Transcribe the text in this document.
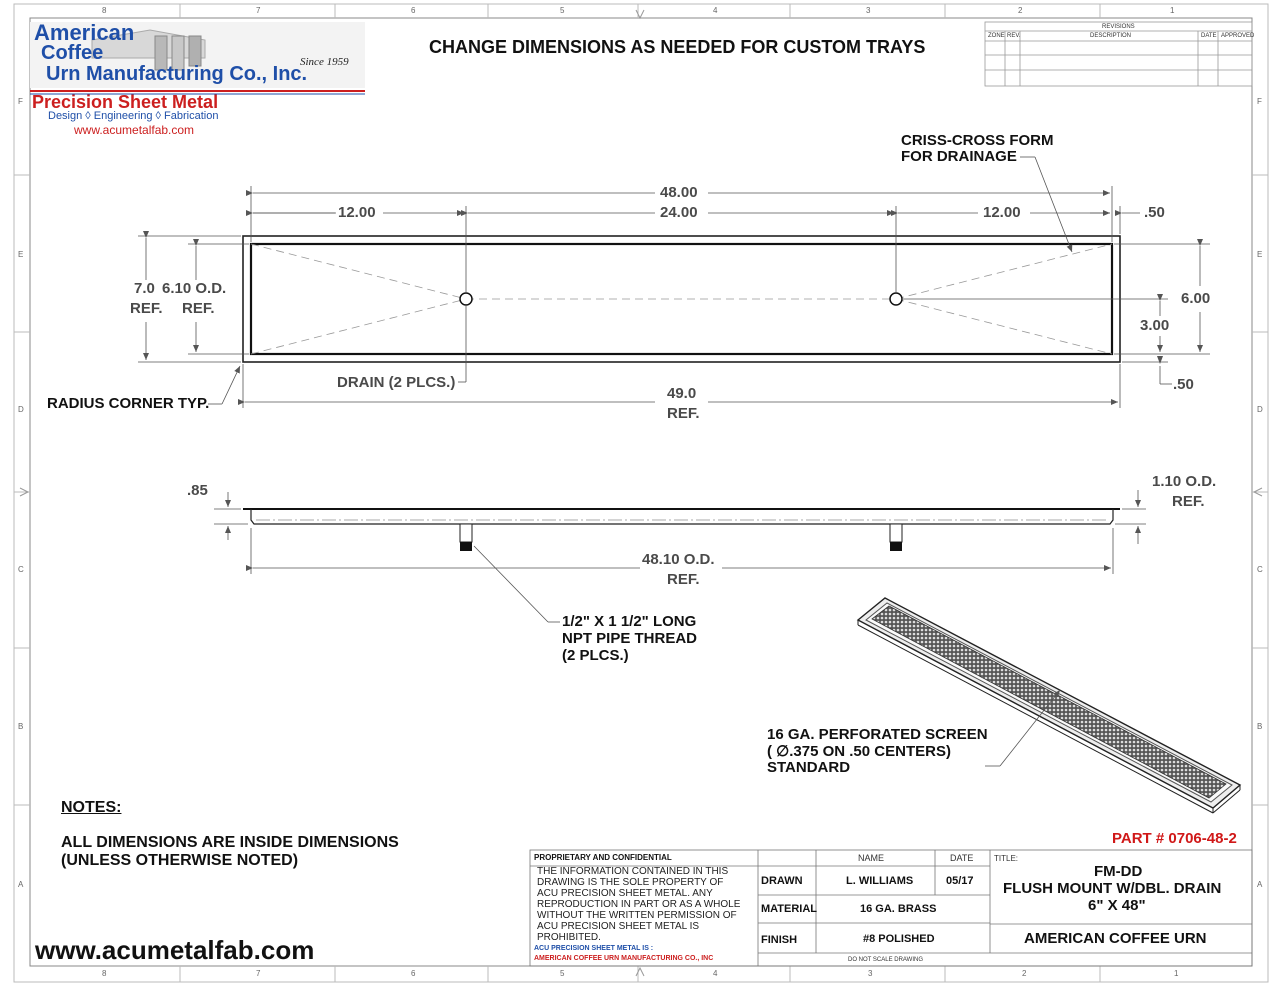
American
Coffee
Urn Manufacturing Co., Inc.
Since 1959
Precision Sheet Metal
Design ◊ Engineering ◊ Fabrication
www.acumetalfab.com
CHANGE DIMENSIONS AS NEEDED FOR CUSTOM TRAYS
REVISIONS
ZONE REV.	DESCRIPTION	DATE APPROVED
8	7	6	5	4	3	2	1
8	7	6	5	4	3	2	1
F
E
D
C
B
A
F
E
D
C
B
A
CRISS-CROSS FORM
FOR DRAINAGE
48.00
24.00
12.00	12.00	.50
7.0
REF.
6.10 O.D.
REF.
6.00
3.00
.50
DRAIN (2 PLCS.)
49.0
REF.
RADIUS CORNER TYP.
.85
1.10 O.D.
REF.
48.10 O.D.
REF.
1/2" X 1 1/2" LONG
NPT PIPE THREAD
(2 PLCS.)
16 GA. PERFORATED SCREEN
( ∅.375 ON .50 CENTERS)
STANDARD
NOTES:
ALL DIMENSIONS ARE INSIDE DIMENSIONS
(UNLESS OTHERWISE NOTED)
www.acumetalfab.com
PART # 0706-48-2
PROPRIETARY AND CONFIDENTIAL
THE INFORMATION CONTAINED IN THIS
DRAWING IS THE SOLE PROPERTY OF
ACU PRECISION SHEET METAL. ANY
REPRODUCTION IN PART OR AS A WHOLE
WITHOUT THE WRITTEN PERMISSION OF
ACU PRECISION SHEET METAL IS
PROHIBITED.
ACU PRECISION SHEET METAL IS :
AMERICAN COFFEE URN MANUFACTURING CO., INC
NAME	DATE
DRAWN	L. WILLIAMS	05/17
MATERIAL	16 GA. BRASS
FINISH	#8 POLISHED
DO NOT SCALE DRAWING
TITLE:
FM-DD
FLUSH MOUNT W/DBL. DRAIN
6" X 48"
AMERICAN COFFEE URN
